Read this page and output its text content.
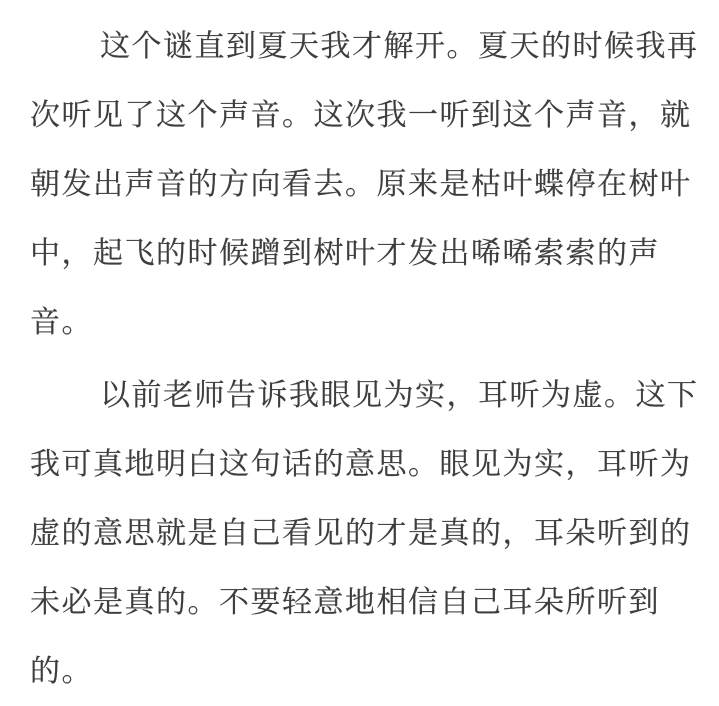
这个谜直到夏天我才解开。夏天的时候我再
次听见了这个声音。这次我一听到这个声音，就
朝发出声音的方向看去。原来是枯叶蝶停在树叶
中，起飞的时候蹭到树叶才发出唏唏索索的声
音。
以前老师告诉我眼见为实，耳听为虚。这下
我可真地明白这句话的意思。眼见为实，耳听为
虚的意思就是自己看见的才是真的，耳朵听到的
未必是真的。不要轻意地相信自己耳朵所听到
的。
